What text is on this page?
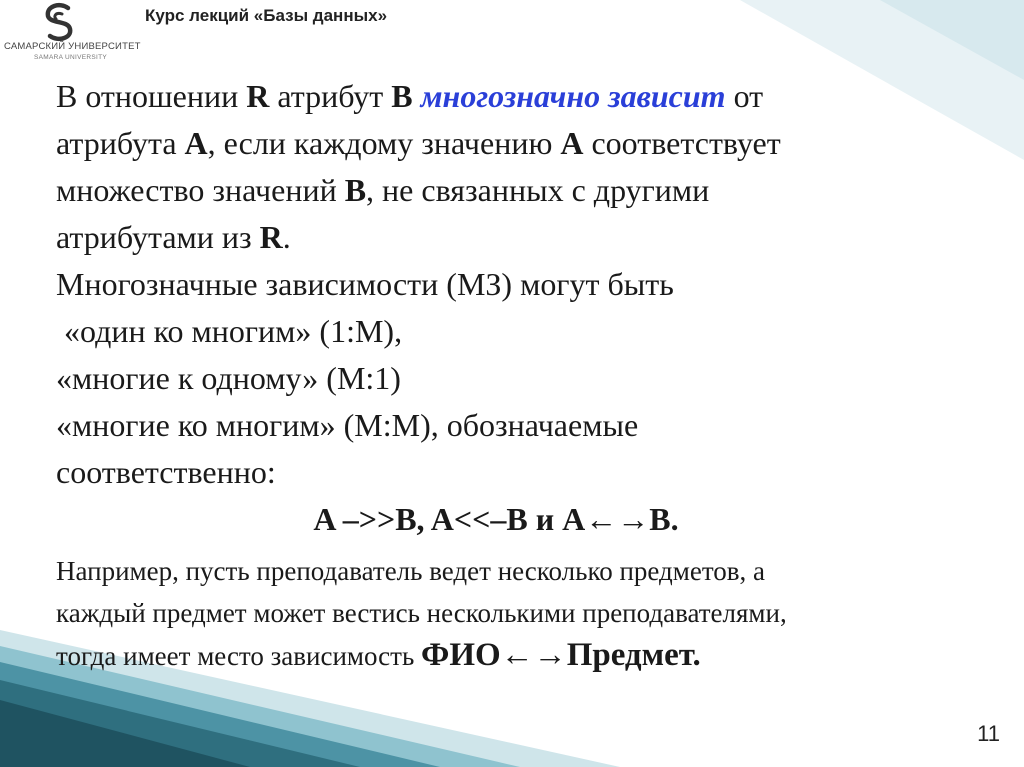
САМАРСКИЙ УНИВЕРСИТЕТ
SAMARA UNIVERSITY
Курс лекций «Базы данных»
В отношении R атрибут B многозначно зависит от
атрибута A, если каждому значению A соответствует
множество значений B, не связанных с другими
атрибутами из R.
Многозначные зависимости (МЗ) могут быть
«один ко многим» (1:M),
«многие к одному» (M:1)
«многие ко многим» (M:M), обозначаемые
соответственно:
A –>>B, A<<–B и A←→B.
Например, пусть преподаватель ведет несколько предметов, а
каждый предмет может вестись несколькими преподавателями,
тогда имеет место зависимость ФИО←→Предмет.
11
